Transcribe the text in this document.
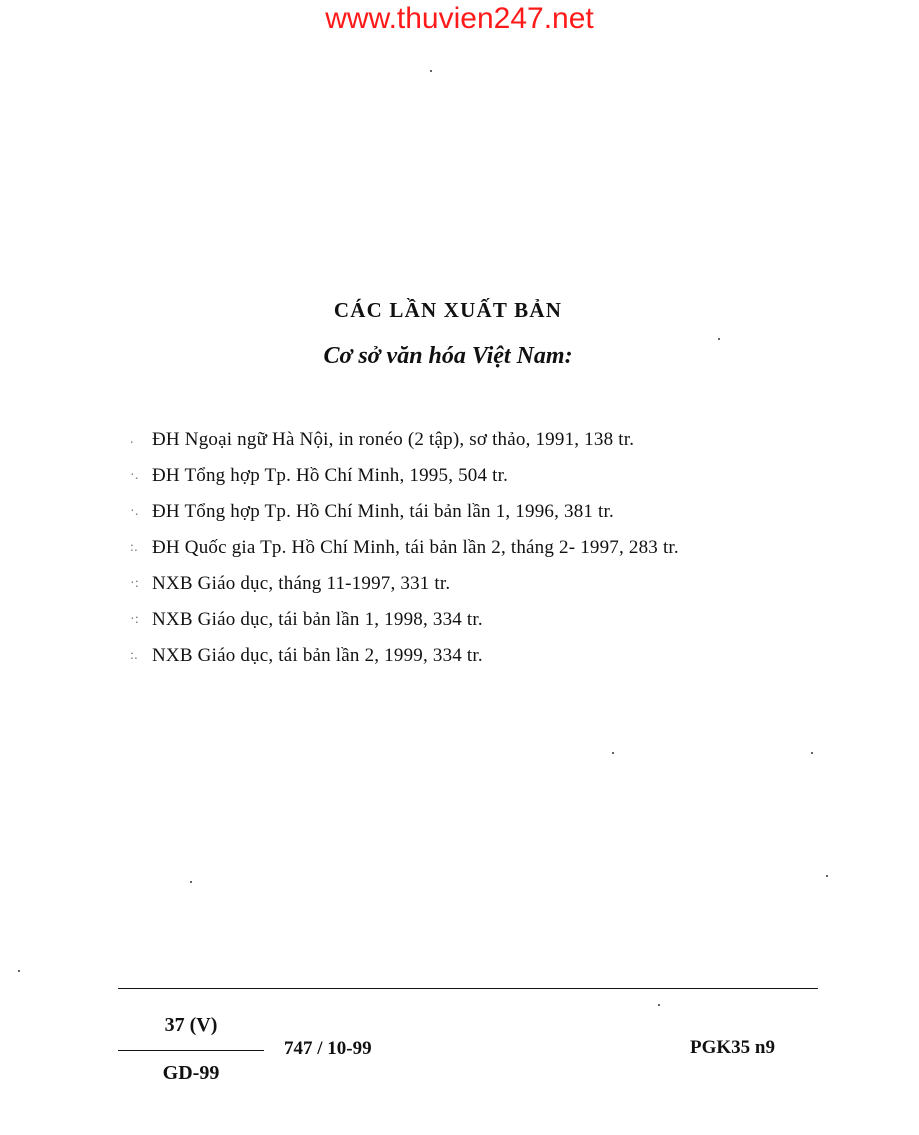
www.thuvien247.net
CÁC LẦN XUẤT BẢN
Cơ sở văn hóa Việt Nam:
. ĐH Ngoại ngữ Hà Nội, in ronéo (2 tập), sơ thảo, 1991, 138 tr.
·. ĐH Tổng hợp Tp. Hồ Chí Minh, 1995, 504 tr.
·. ĐH Tổng hợp Tp. Hồ Chí Minh, tái bản lần 1, 1996, 381 tr.
:. ĐH Quốc gia Tp. Hồ Chí Minh, tái bản lần 2, tháng 2- 1997, 283 tr.
·: NXB Giáo dục, tháng 11-1997, 331 tr.
·: NXB Giáo dục, tái bản lần 1, 1998, 334 tr.
:. NXB Giáo dục, tái bản lần 2, 1999, 334 tr.
37 (V)
GD-99
747 / 10-99	PGK35 n9
